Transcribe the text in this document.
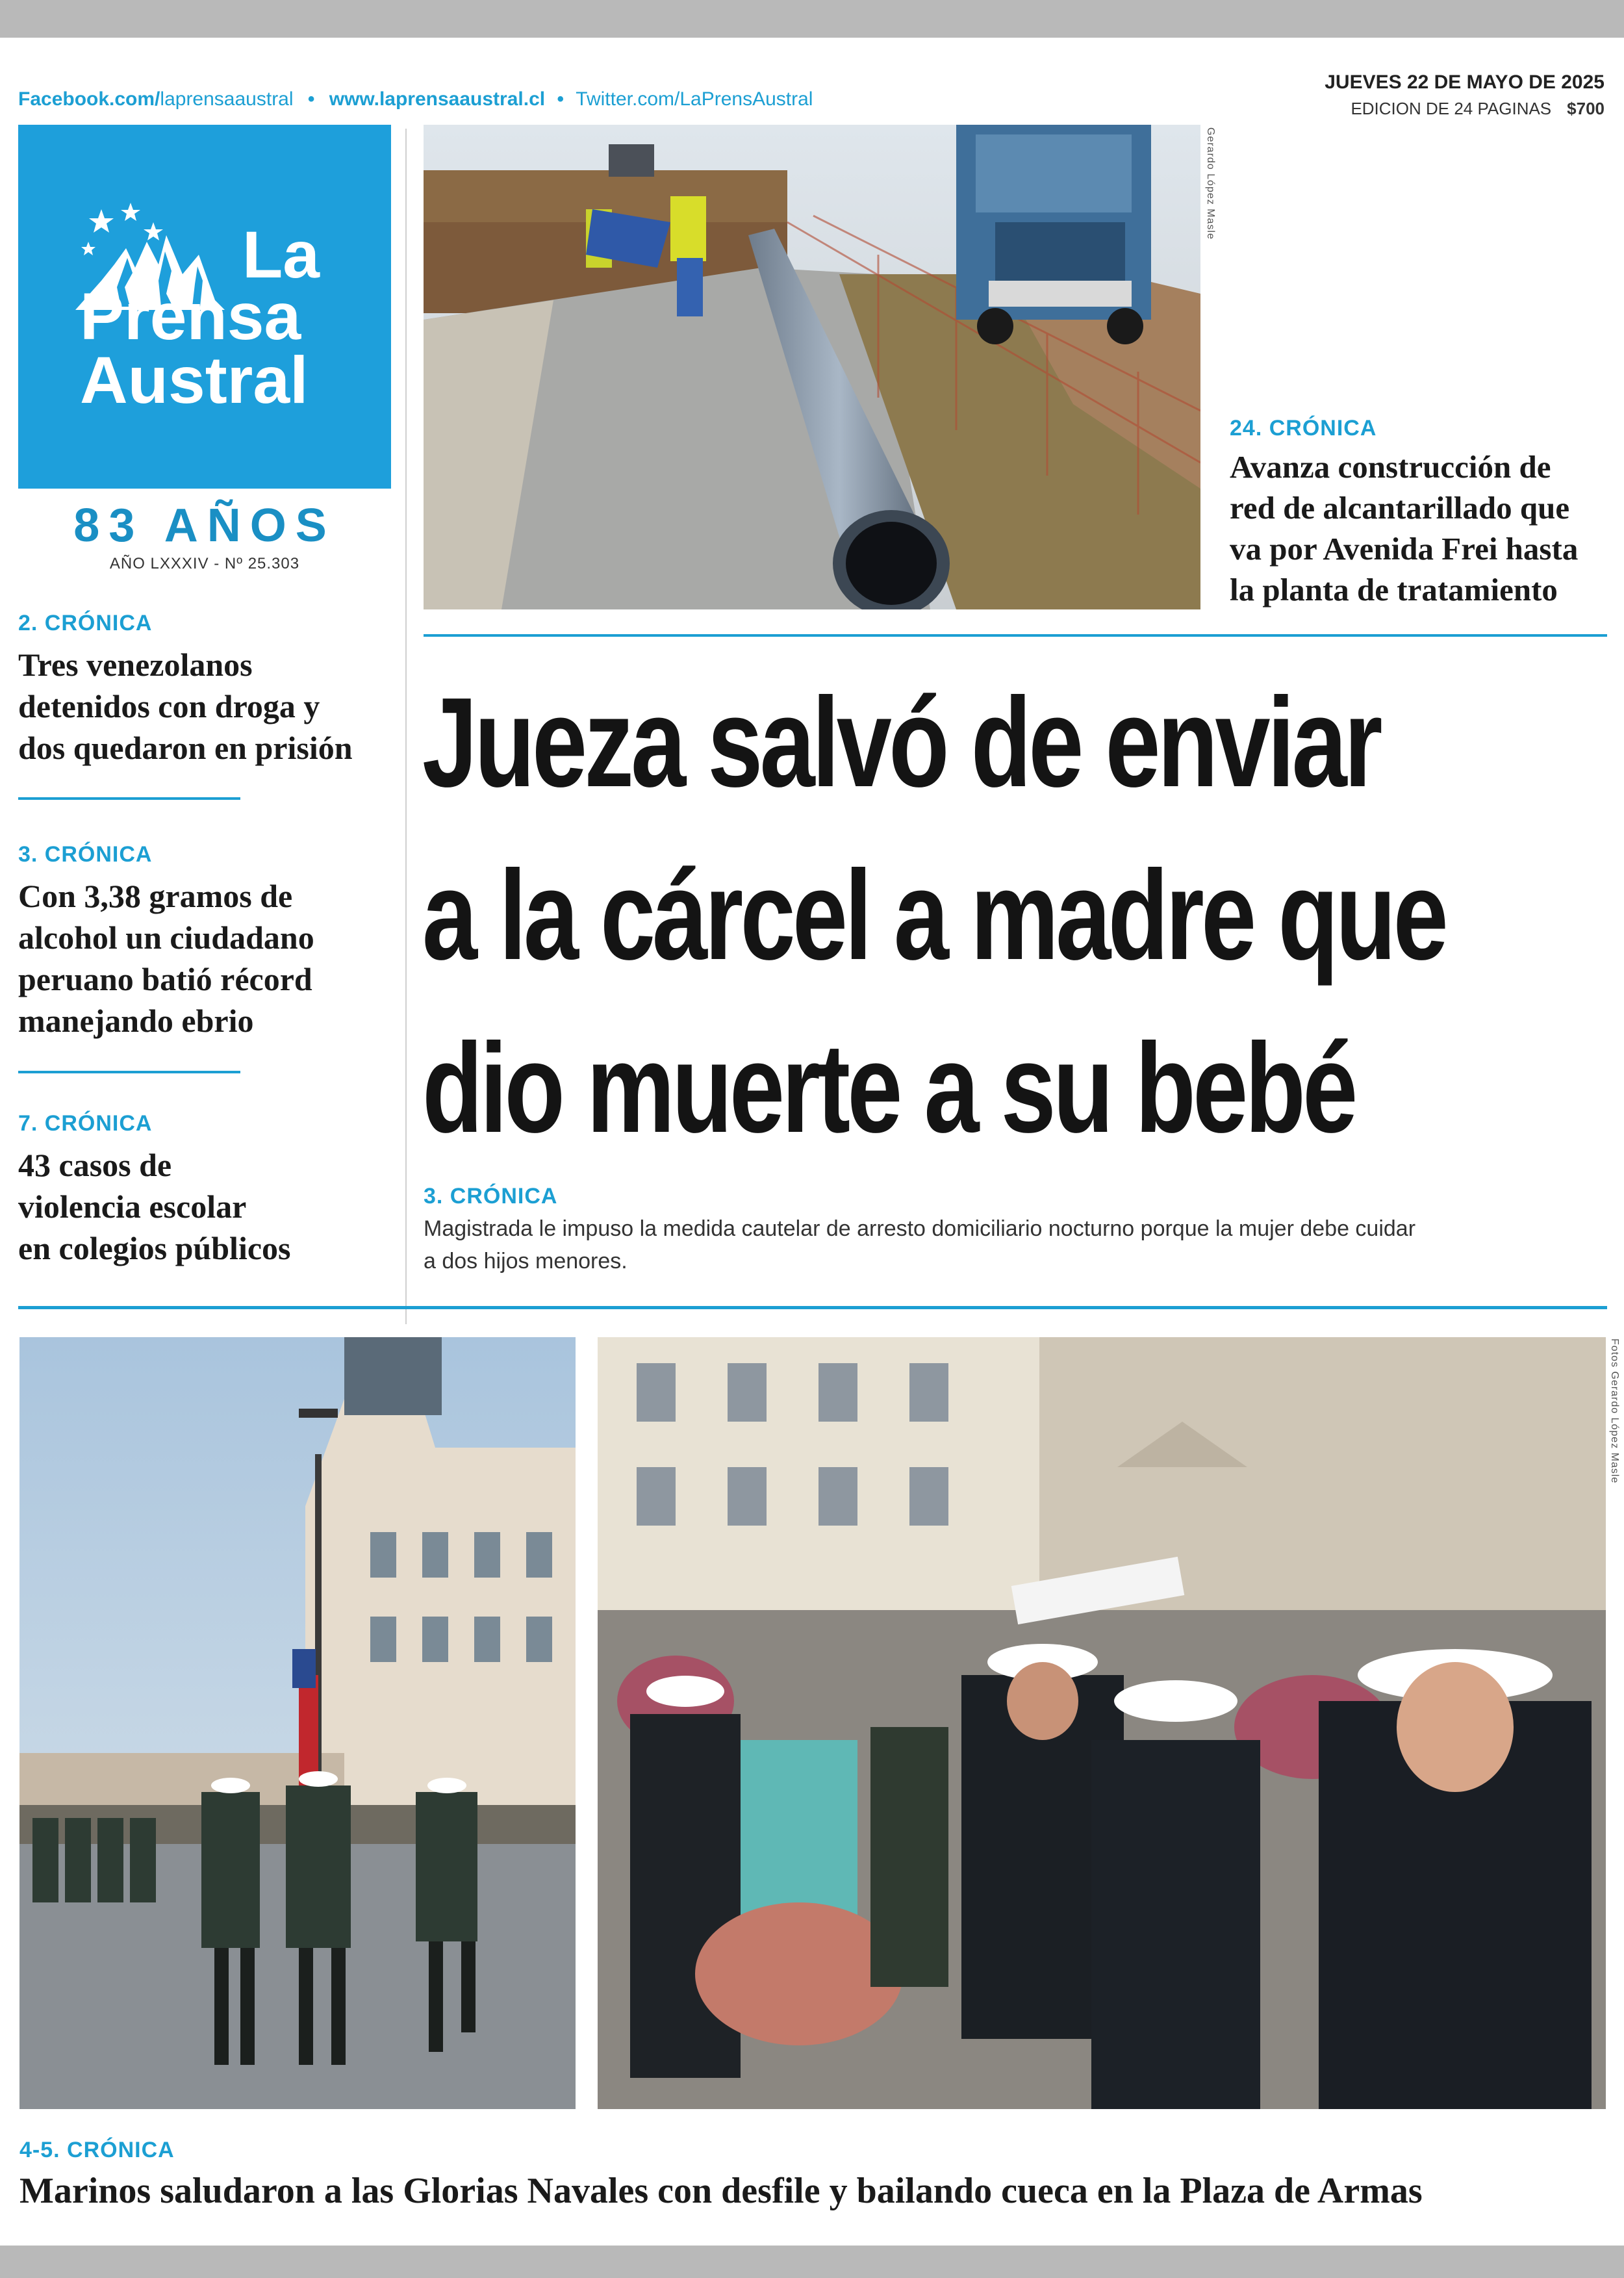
Facebook.com/laprensaaustral • www.laprensaaustral.cl • Twitter.com/LaPrensAustral
JUEVES 22 DE MAYO DE 2025
EDICION DE 24 PAGINAS $700
La
Prensa
Austral
83 AÑOS
AÑO LXXXIV - Nº 25.303
2. CRÓNICA
Tres venezolanos
detenidos con droga y
dos quedaron en prisión
3. CRÓNICA
Con 3,38 gramos de
alcohol un ciudadano
peruano batió récord
manejando ebrio
7. CRÓNICA
43 casos de
violencia escolar
en colegios públicos
Gerardo López Masle
24. CRÓNICA
Avanza construcción de
red de alcantarillado que
va por Avenida Frei hasta
la planta de tratamiento
Jueza salvó de enviar
a la cárcel a madre que
dio muerte a su bebé
3. CRÓNICA
Magistrada le impuso la medida cautelar de arresto domiciliario nocturno porque la mujer debe cuidar
a dos hijos menores.
Fotos Gerardo López Masle
4-5. CRÓNICA
Marinos saludaron a las Glorias Navales con desfile y bailando cueca en la Plaza de Armas
